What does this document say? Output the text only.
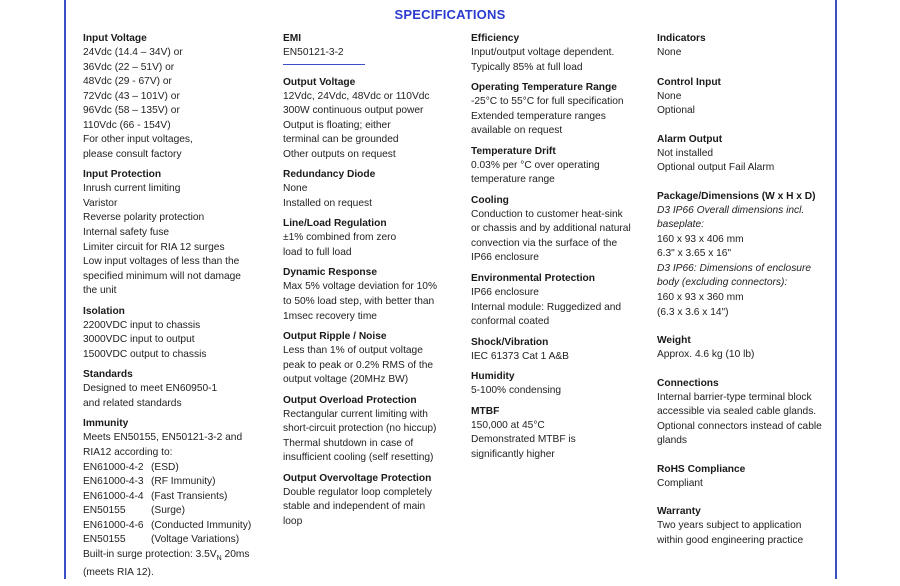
SPECIFICATIONS
Input Voltage
24Vdc (14.4 – 34V) or
36Vdc (22 – 51V) or
48Vdc (29 - 67V) or
72Vdc (43 – 101V) or
96Vdc (58 – 135V) or
110Vdc (66 - 154V)
For other input voltages,
please consult factory
Input Protection
Inrush current limiting
Varistor
Reverse polarity protection
Internal safety fuse
Limiter circuit for RIA 12 surges
Low input voltages of less than the
specified minimum will not damage
the unit
Isolation
2200VDC input to chassis
3000VDC input to output
1500VDC output to chassis
Standards
Designed to meet EN60950-1
and related standards
Immunity
Meets EN50155, EN50121-3-2 and
RIA12 according to:
EN61000-4-2 (ESD)
EN61000-4-3 (RF Immunity)
EN61000-4-4 (Fast Transients)
EN50155	(Surge)
EN61000-4-6 (Conducted Immunity)
EN50155	(Voltage Variations)
Built-in surge protection: $3.5V_N$ 20ms
(meets RIA 12).
EMI
EN50121-3-2
Output Voltage
12Vdc, 24Vdc, 48Vdc or 110Vdc
300W continuous output power
Output is floating; either
terminal can be grounded
Other outputs on request
Redundancy Diode
None
Installed on request
Line/Load Regulation
±1% combined from zero
load to full load
Dynamic Response
Max 5% voltage deviation for 10%
to 50% load step, with better than
1msec recovery time
Output Ripple / Noise
Less than 1% of output voltage
peak to peak or 0.2% RMS of the
output voltage (20MHz BW)
Output Overload Protection
Rectangular current limiting with
short-circuit protection (no hiccup)
Thermal shutdown in case of
insufficient cooling (self resetting)
Output Overvoltage Protection
Double regulator loop completely
stable and independent of main
loop
Efficiency
Input/output voltage dependent.
Typically 85% at full load
Operating Temperature Range
-25°C to 55°C for full specification
Extended temperature ranges
available on request
Temperature Drift
0.03% per °C over operating
temperature range
Cooling
Conduction to customer heat-sink
or chassis and by additional natural
convection via the surface of the
IP66 enclosure
Environmental Protection
IP66 enclosure
Internal module: Ruggedized and
conformal coated
Shock/Vibration
IEC 61373 Cat 1 A&B
Humidity
5-100% condensing
MTBF
150,000 at 45°C
Demonstrated MTBF is
significantly higher
Indicators
None
Control Input
None
Optional
Alarm Output
Not installed
Optional output Fail Alarm
Package/Dimensions (W x H x D)
D3 IP66 Overall dimensions incl.
baseplate:
160 x 93 x 406 mm
6.3" x 3.65 x 16"
D3 IP66: Dimensions of enclosure
body (excluding connectors):
160 x 93 x 360 mm
(6.3 x 3.6 x 14")
Weight
Approx. 4.6 kg (10 lb)
Connections
Internal barrier-type terminal block
accessible via sealed cable glands.
Optional connectors instead of cable
glands
RoHS Compliance
Compliant
Warranty
Two years subject to application
within good engineering practice
